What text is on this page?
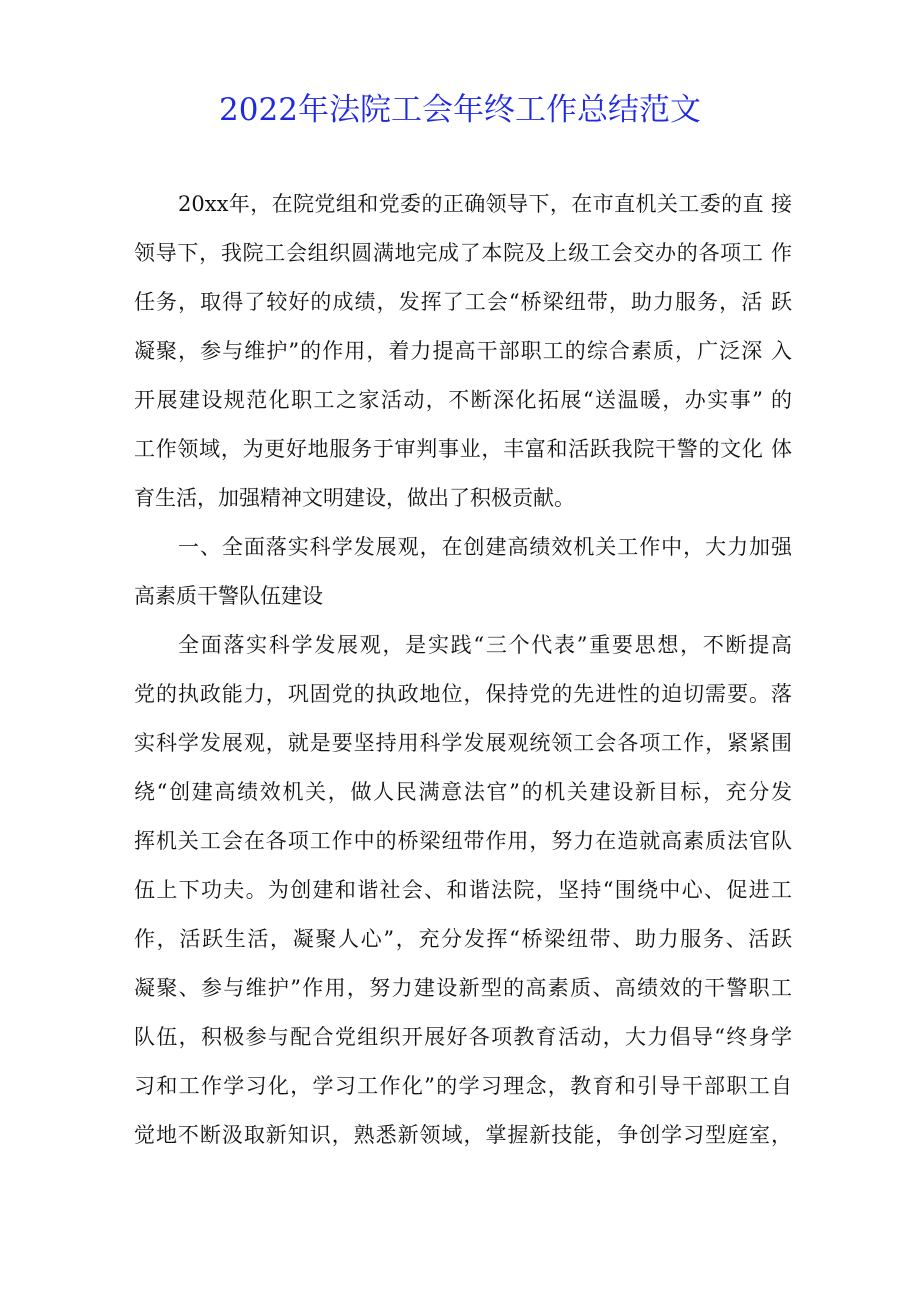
2022年法院工会年终工作总结范文
20xx年，在院党组和党委的正确领导下，在市直机关工委的直 接
领导下，我院工会组织圆满地完成了本院及上级工会交办的各项工 作
任务，取得了较好的成绩，发挥了工会“桥梁纽带，助力服务，活 跃
凝聚，参与维护”的作用，着力提高干部职工的综合素质，广泛深 入
开展建设规范化职工之家活动，不断深化拓展“送温暖，办实事” 的
工作领域，为更好地服务于审判事业，丰富和活跃我院干警的文化 体
育生活，加强精神文明建设，做出了积极贡献。
一、全面落实科学发展观，在创建高绩效机关工作中，大力加强
高素质干警队伍建设
全面落实科学发展观，是实践“三个代表”重要思想，不断提高
党的执政能力，巩固党的执政地位，保持党的先进性的迫切需要。落
实科学发展观，就是要坚持用科学发展观统领工会各项工作，紧紧围
绕“创建高绩效机关，做人民满意法官”的机关建设新目标，充分发
挥机关工会在各项工作中的桥梁纽带作用，努力在造就高素质法官队
伍上下功夫。为创建和谐社会、和谐法院，坚持“围绕中心、促进工
作，活跃生活，凝聚人心”，充分发挥“桥梁纽带、助力服务、活跃
凝聚、参与维护”作用，努力建设新型的高素质、高绩效的干警职工
队伍，积极参与配合党组织开展好各项教育活动，大力倡导“终身学
习和工作学习化，学习工作化”的学习理念，教育和引导干部职工自
觉地不断汲取新知识，熟悉新领域，掌握新技能，争创学习型庭室，
